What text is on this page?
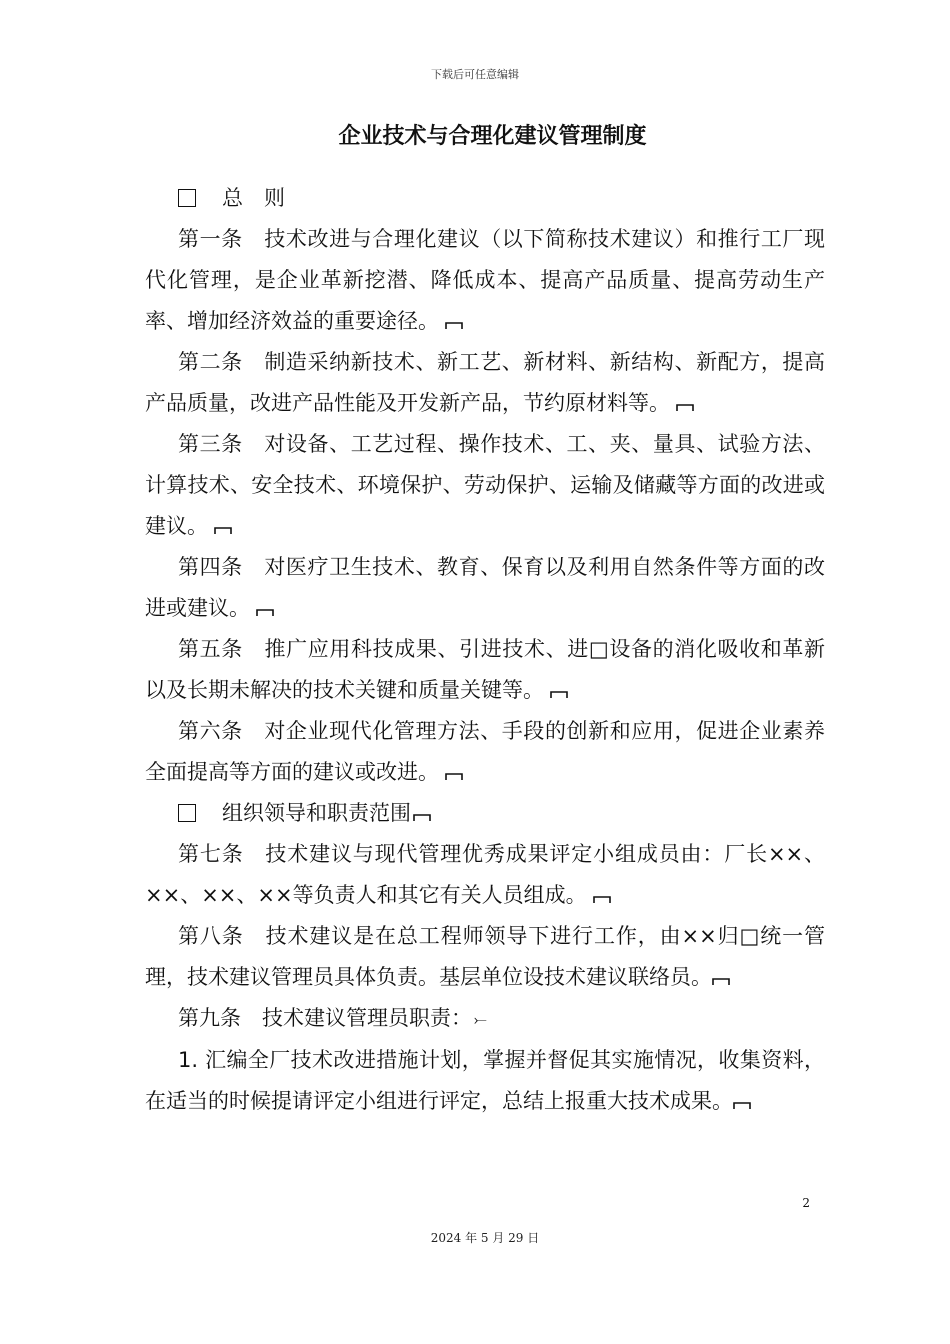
下载后可任意编辑
企业技术与合理化建议管理制度

总　则

第一条　技术改进与合理化建议（以下简称技术建议）和推行工厂现代化管理，是企业革新挖潜、降低成本、提高产品质量、提高劳动生产率、增加经济效益的重要途径。

第二条　制造采纳新技术、新工艺、新材料、新结构、新配方，提高产品质量，改进产品性能及开发新产品，节约原材料等。

第三条　对设备、工艺过程、操作技术、工、夹、量具、试验方法、计算技术、安全技术、环境保护、劳动保护、运输及储藏等方面的改进或建议。

第四条　对医疗卫生技术、教育、保育以及利用自然条件等方面的改进或建议。

第五条　推广应用科技成果、引进技术、进□设备的消化吸收和革新以及长期未解决的技术关键和质量关键等。

第六条　对企业现代化管理方法、手段的创新和应用，促进企业素养全面提高等方面的建议或改进。

组织领导和职责范围

第七条　技术建议与现代管理优秀成果评定小组成员由：厂长××、××、××、××等负责人和其它有关人员组成。

第八条　技术建议是在总工程师领导下进行工作，由××归□统一管理，技术建议管理员具体负责。基层单位设技术建议联络员。

第九条　技术建议管理员职责： ⤚

1. 汇编全厂技术改进措施计划，掌握并督促其实施情况，收集资料，在适当的时候提请评定小组进行评定，总结上报重大技术成果。

2
2024 年 5 月 29 日
